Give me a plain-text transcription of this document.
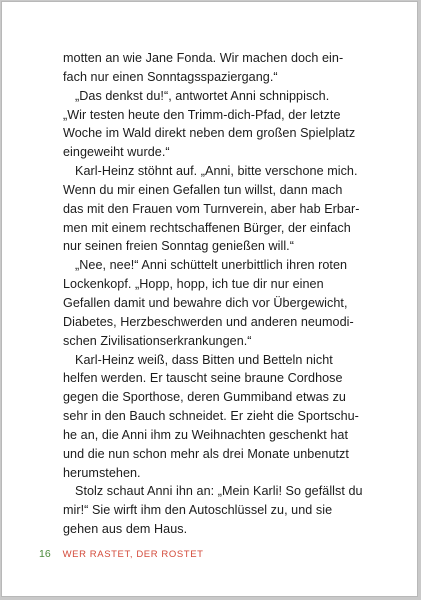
motten an wie Jane Fonda. Wir machen doch ein-
fach nur einen Sonntagsspaziergang.“
„Das denkst du!“, antwortet Anni schnippisch.
„Wir testen heute den Trimm-dich-Pfad, der letzte
Woche im Wald direkt neben dem großen Spielplatz
eingeweiht wurde.“
Karl-Heinz stöhnt auf. „Anni, bitte verschone mich.
Wenn du mir einen Gefallen tun willst, dann mach
das mit den Frauen vom Turnverein, aber hab Erbar-
men mit einem rechtschaffenen Bürger, der einfach
nur seinen freien Sonntag genießen will.“
„Nee, nee!“ Anni schüttelt unerbittlich ihren roten
Lockenkopf. „Hopp, hopp, ich tue dir nur einen
Gefallen damit und bewahre dich vor Übergewicht,
Diabetes, Herzbeschwerden und anderen neumodi-
schen Zivilisationserkrankungen.“
Karl-Heinz weiß, dass Bitten und Betteln nicht
helfen werden. Er tauscht seine braune Cordhose
gegen die Sporthose, deren Gummiband etwas zu
sehr in den Bauch schneidet. Er zieht die Sportschu-
he an, die Anni ihm zu Weihnachten geschenkt hat
und die nun schon mehr als drei Monate unbenutzt
herumstehen.
Stolz schaut Anni ihn an: „Mein Karli! So gefällst du
mir!“ Sie wirft ihm den Autoschlüssel zu, und sie
gehen aus dem Haus.
16 WER RASTET, DER ROSTET
